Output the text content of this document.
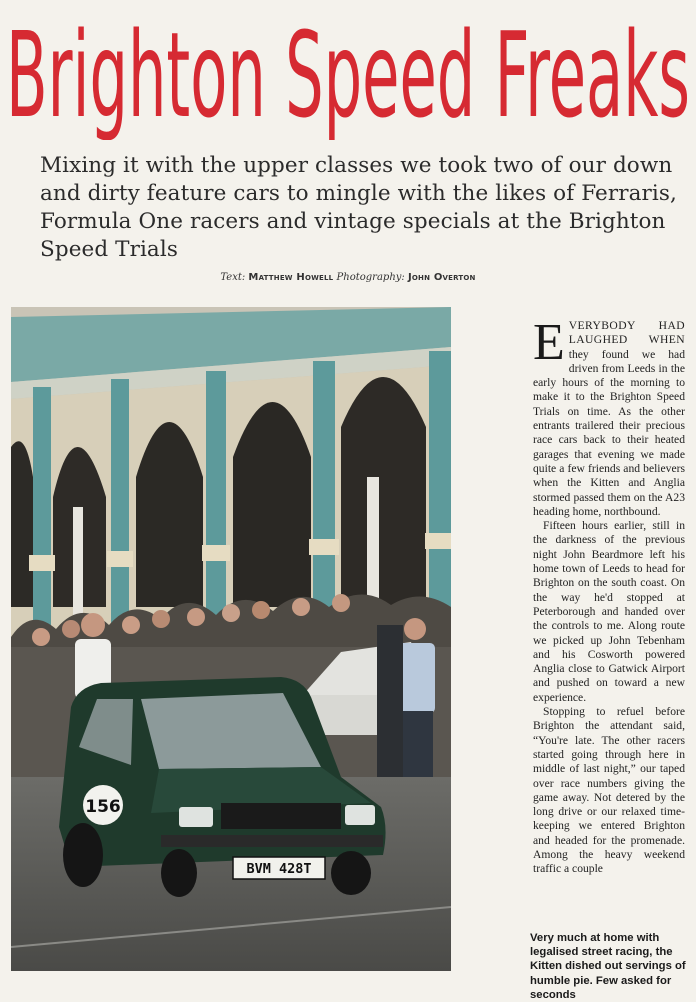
Brighton Speed Freaks
Mixing it with the upper classes we took two of our down and dirty feature cars to mingle with the likes of Ferraris, Formula One racers and vintage specials at the Brighton Speed Trials
Text: Matthew Howell Photography: John Overton
156
BVM 428T

EVERYBODY HAD LAUGHED WHEN they found we had driven from Leeds in the early hours of the morning to make it to the Brighton Speed Trials on time. As the other entrants trailered their precious race cars back to their heated garages that evening we made quite a few friends and believers when the Kitten and Anglia stormed passed them on the A23 heading home, northbound.

Fifteen hours earlier, still in the darkness of the previous night John Beardmore left his home town of Leeds to head for Brighton on the south coast. On the way he'd stopped at Peterborough and handed over the controls to me. Along route we picked up John Tebenham and his Cosworth powered Anglia close to Gatwick Airport and pushed on toward a new experience.

Stopping to refuel before Brighton the attendant said, “You're late. The other racers started going through here in middle of last night,” our taped over race numbers giving the game away. Not detered by the long drive or our relaxed time-keeping we entered Brighton and headed for the promenade. Among the heavy weekend traffic a couple

Very much at home with legalised street racing, the Kitten dished out servings of humble pie. Few asked for seconds
